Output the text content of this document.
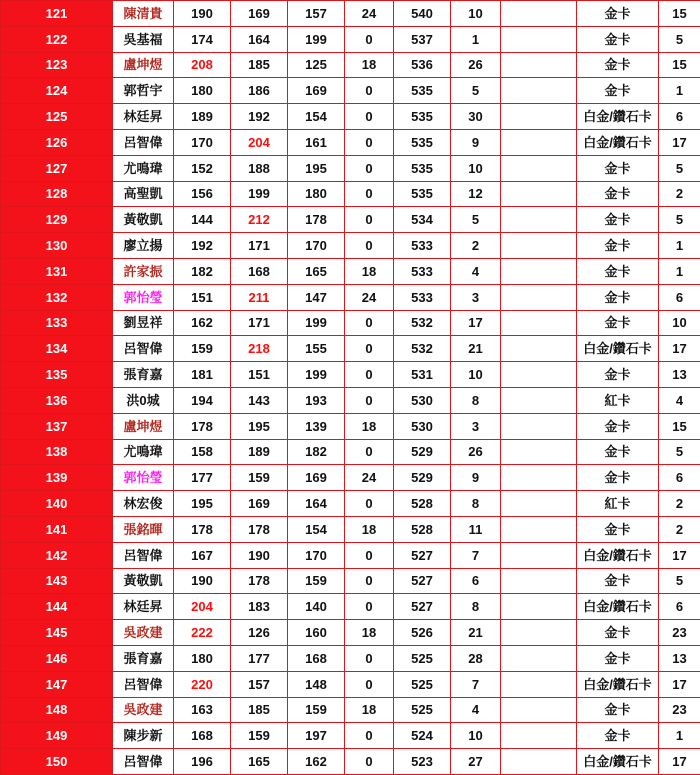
121	陳清貴	190	169	157	24	540	10		金卡	15
122	吳基福	174	164	199	0	537	1		金卡	5
123	盧坤煜	208	185	125	18	536	26		金卡	15
124	郭哲宇	180	186	169	0	535	5		金卡	1
125	林廷昇	189	192	154	0	535	30		白金/鑽石卡	6
126	呂智偉	170	204	161	0	535	9		白金/鑽石卡	17
127	尤鳴瑋	152	188	195	0	535	10		金卡	5
128	高聖凱	156	199	180	0	535	12		金卡	2
129	黃敬凱	144	212	178	0	534	5		金卡	5
130	廖立揚	192	171	170	0	533	2		金卡	1
131	許家振	182	168	165	18	533	4		金卡	1
132	郭怡瑩	151	211	147	24	533	3		金卡	6
133	劉昱祥	162	171	199	0	532	17		金卡	10
134	呂智偉	159	218	155	0	532	21		白金/鑽石卡	17
135	張育嘉	181	151	199	0	531	10		金卡	13
136	洪0城	194	143	193	0	530	8		紅卡	4
137	盧坤煜	178	195	139	18	530	3		金卡	15
138	尤鳴瑋	158	189	182	0	529	26		金卡	5
139	郭怡瑩	177	159	169	24	529	9		金卡	6
140	林宏俊	195	169	164	0	528	8		紅卡	2
141	張銘暉	178	178	154	18	528	11		金卡	2
142	呂智偉	167	190	170	0	527	7		白金/鑽石卡	17
143	黃敬凱	190	178	159	0	527	6		金卡	5
144	林廷昇	204	183	140	0	527	8		白金/鑽石卡	6
145	吳政建	222	126	160	18	526	21		金卡	23
146	張育嘉	180	177	168	0	525	28		金卡	13
147	呂智偉	220	157	148	0	525	7		白金/鑽石卡	17
148	吳政建	163	185	159	18	525	4		金卡	23
149	陳步新	168	159	197	0	524	10		金卡	1
150	呂智偉	196	165	162	0	523	27		白金/鑽石卡	17
